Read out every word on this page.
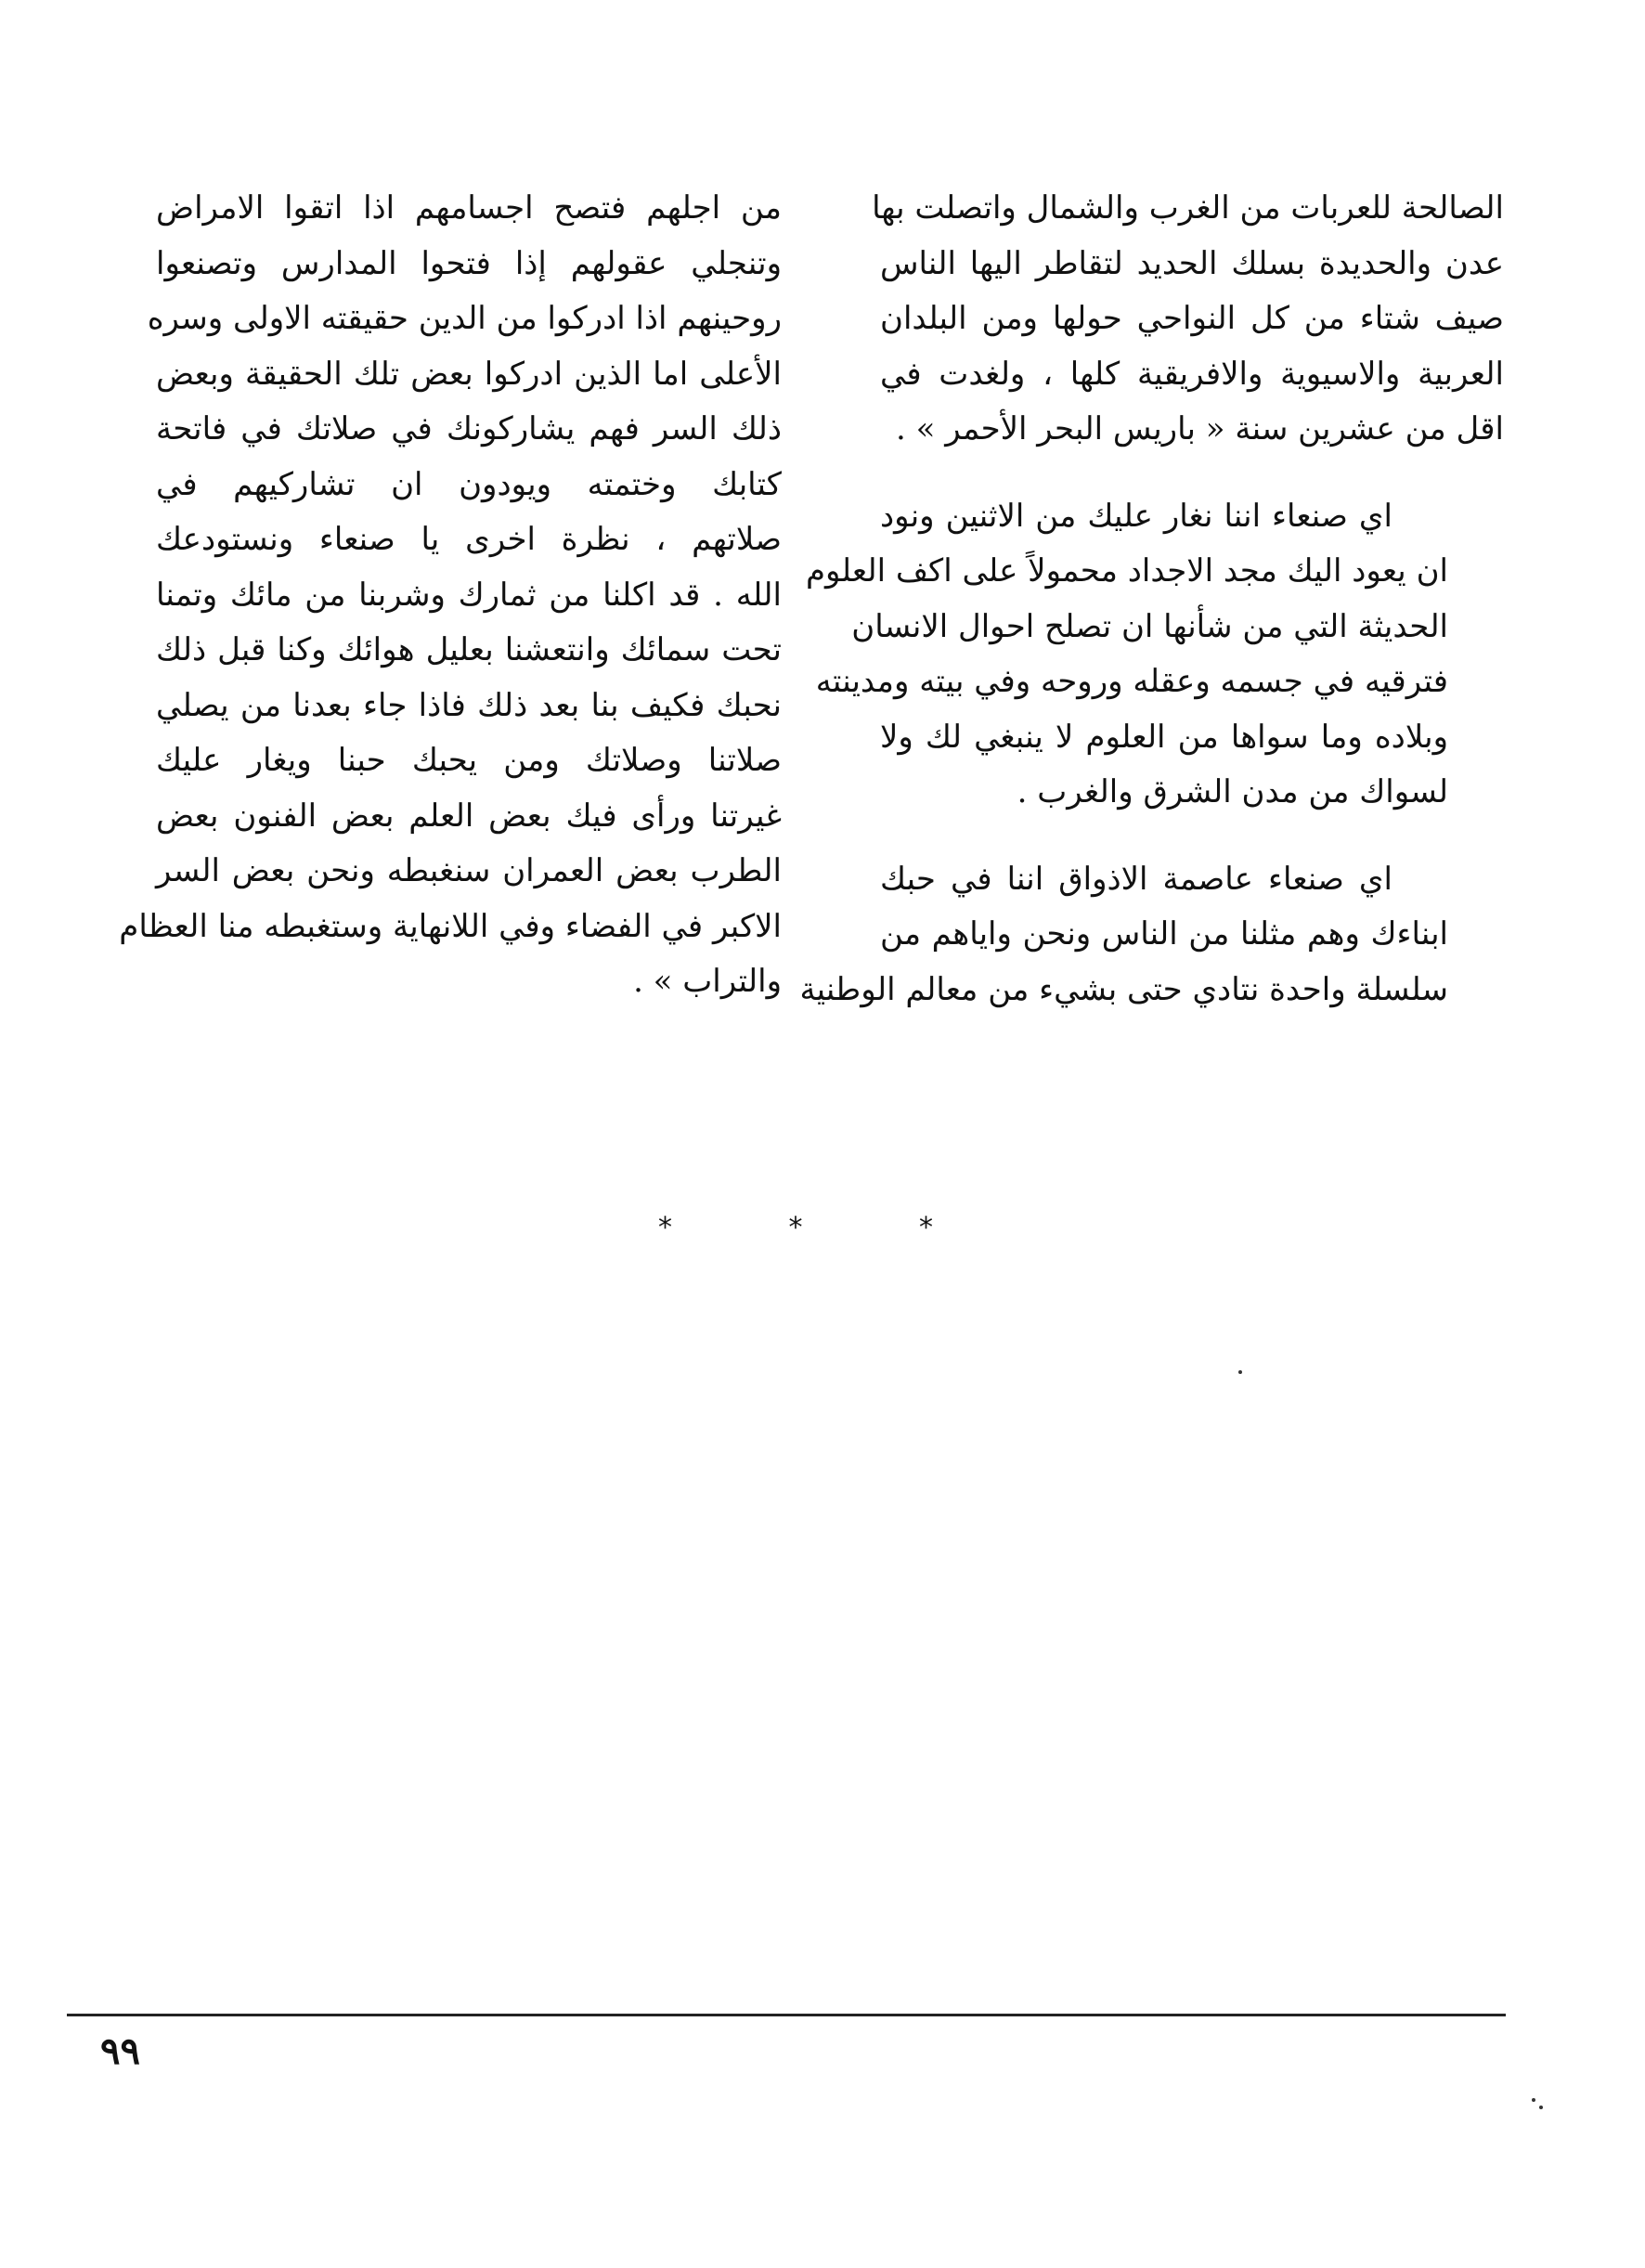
الصالحة للعربات من الغرب والشمال واتصلت بها
عدن والحديدة بسلك الحديد لتقاطر اليها الناس
صيف شتاء من كل النواحي حولها ومن البلدان
العربية والاسيوية والافريقية كلها ، ولغدت في
اقل من عشرين سنة « باريس البحر الأحمر » .

اي صنعاء اننا نغار عليك من الاثنين ونود
ان يعود اليك مجد الاجداد محمولاً على اكف العلوم
الحديثة التي من شأنها ان تصلح احوال الانسان
فترقيه في جسمه وعقله وروحه وفي بيته ومدينته
وبلاده وما سواها من العلوم لا ينبغي لك ولا
لسواك من مدن الشرق والغرب .

اي صنعاء عاصمة الاذواق اننا في حبك
ابناءك وهم مثلنا من الناس ونحن واياهم من
سلسلة واحدة نتادي حتى بشيء من معالم الوطنية

من اجلهم فتصح اجسامهم اذا اتقوا الامراض
وتنجلي عقولهم إذا فتحوا المدارس وتصنعوا
روحينهم اذا ادركوا من الدين حقيقته الاولى وسره
الأعلى اما الذين ادركوا بعض تلك الحقيقة وبعض
ذلك السر فهم يشاركونك في صلاتك في فاتحة
كتابك وختمته ويودون ان تشاركيهم في
صلاتهم ، نظرة اخرى يا صنعاء ونستودعك
الله . قد اكلنا من ثمارك وشربنا من مائك وتمنا
تحت سمائك وانتعشنا بعليل هوائك وكنا قبل ذلك
نحبك فكيف بنا بعد ذلك فاذا جاء بعدنا من يصلي
صلاتنا وصلاتك ومن يحبك حبنا ويغار عليك
غيرتنا ورأى فيك بعض العلم بعض الفنون بعض
الطرب بعض العمران سنغبطه ونحن بعض السر
الاكبر في الفضاء وفي اللانهاية وستغبطه منا العظام
والتراب » .

* * *
٩٩
